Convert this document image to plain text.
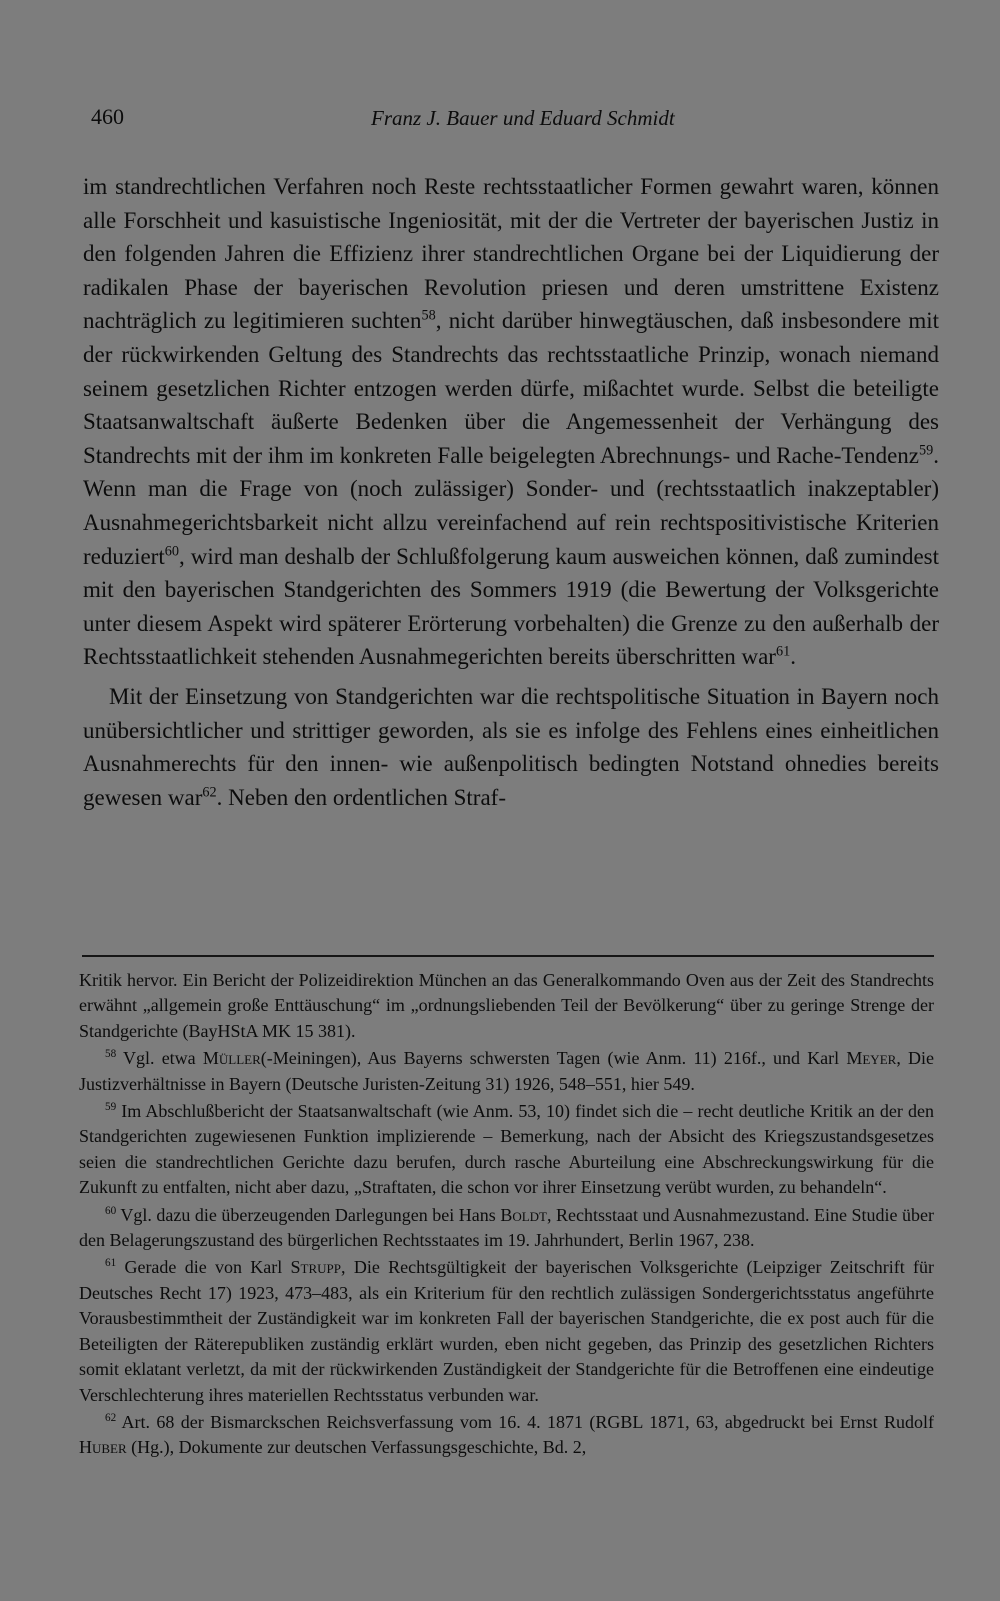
460	Franz J. Bauer und Eduard Schmidt

im standrechtlichen Verfahren noch Reste rechtsstaatlicher Formen gewahrt waren, können alle Forschheit und kasuistische Ingeniosität, mit der die Vertreter der bayerischen Justiz in den folgenden Jahren die Effizienz ihrer standrechtlichen Organe bei der Liquidierung der radikalen Phase der bayerischen Revolution priesen und deren umstrittene Existenz nachträglich zu legitimieren suchten$^{58}$, nicht darüber hinwegtäuschen, daß insbesondere mit der rückwirkenden Geltung des Standrechts das rechtsstaatliche Prinzip, wonach niemand seinem gesetzlichen Richter entzogen werden dürfe, mißachtet wurde. Selbst die beteiligte Staatsanwaltschaft äußerte Bedenken über die Angemessenheit der Verhängung des Standrechts mit der ihm im konkreten Falle beigelegten Abrechnungs- und Rache-Tendenz$^{59}$. Wenn man die Frage von (noch zulässiger) Sonder- und (rechtsstaatlich inakzeptabler) Ausnahmegerichtsbarkeit nicht allzu vereinfachend auf rein rechtspositivistische Kriterien reduziert$^{60}$, wird man deshalb der Schlußfolgerung kaum ausweichen können, daß zumindest mit den bayerischen Standgerichten des Sommers 1919 (die Bewertung der Volksgerichte unter diesem Aspekt wird späterer Erörterung vorbehalten) die Grenze zu den außerhalb der Rechtsstaatlichkeit stehenden Ausnahmegerichten bereits überschritten war$^{61}$.

Mit der Einsetzung von Standgerichten war die rechtspolitische Situation in Bayern noch unübersichtlicher und strittiger geworden, als sie es infolge des Fehlens eines einheitlichen Ausnahmerechts für den innen- wie außenpolitisch bedingten Notstand ohnedies bereits gewesen war$^{62}$. Neben den ordentlichen Straf-

Kritik hervor. Ein Bericht der Polizeidirektion München an das Generalkommando Oven aus der Zeit des Standrechts erwähnt „allgemein große Enttäuschung“ im „ordnungsliebenden Teil der Bevölkerung“ über zu geringe Strenge der Standgerichte (BayHStA MK 15 381).

$^{58}$ Vgl. etwa Müller(-Meiningen), Aus Bayerns schwersten Tagen (wie Anm. 11) 216f., und Karl Meyer, Die Justizverhältnisse in Bayern (Deutsche Juristen-Zeitung 31) 1926, 548–551, hier 549.

$^{59}$ Im Abschlußbericht der Staatsanwaltschaft (wie Anm. 53, 10) findet sich die – recht deutliche Kritik an der den Standgerichten zugewiesenen Funktion implizierende – Bemerkung, nach der Absicht des Kriegszustandsgesetzes seien die standrechtlichen Gerichte dazu berufen, durch rasche Aburteilung eine Abschreckungswirkung für die Zukunft zu entfalten, nicht aber dazu, „Straftaten, die schon vor ihrer Einsetzung verübt wurden, zu behandeln“.

$^{60}$ Vgl. dazu die überzeugenden Darlegungen bei Hans Boldt, Rechtsstaat und Ausnahmezustand. Eine Studie über den Belagerungszustand des bürgerlichen Rechtsstaates im 19. Jahrhundert, Berlin 1967, 238.

$^{61}$ Gerade die von Karl Strupp, Die Rechtsgültigkeit der bayerischen Volksgerichte (Leipziger Zeitschrift für Deutsches Recht 17) 1923, 473–483, als ein Kriterium für den rechtlich zulässigen Sondergerichtsstatus angeführte Vorausbestimmtheit der Zuständigkeit war im konkreten Fall der bayerischen Standgerichte, die ex post auch für die Beteiligten der Räterepubliken zuständig erklärt wurden, eben nicht gegeben, das Prinzip des gesetzlichen Richters somit eklatant verletzt, da mit der rückwirkenden Zuständigkeit der Standgerichte für die Betroffenen eine eindeutige Verschlechterung ihres materiellen Rechtsstatus verbunden war.

$^{62}$ Art. 68 der Bismarckschen Reichsverfassung vom 16. 4. 1871 (RGBL 1871, 63, abgedruckt bei Ernst Rudolf Huber (Hg.), Dokumente zur deutschen Verfassungsgeschichte, Bd. 2,
